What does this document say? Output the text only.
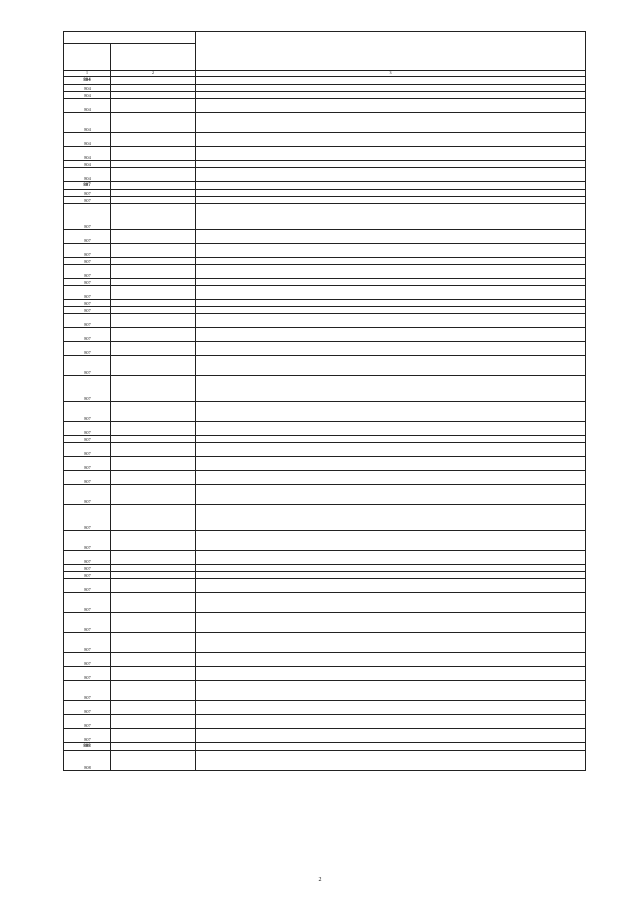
1	2	3
804		
804		
804		
804		
804		
804		
804		
804		
804		
807		
807		
807		
807		
807		
807		
807		
807		
807		
807		
807		
807		
807		
807		
807		
807		
807		
807		
807		
807		
807		
807		
807		
807		
807		
807		
807		
807		
807		
807		
807		
807		
807		
807		
807		
807		
807		
807		
807		
808		
808		
2
